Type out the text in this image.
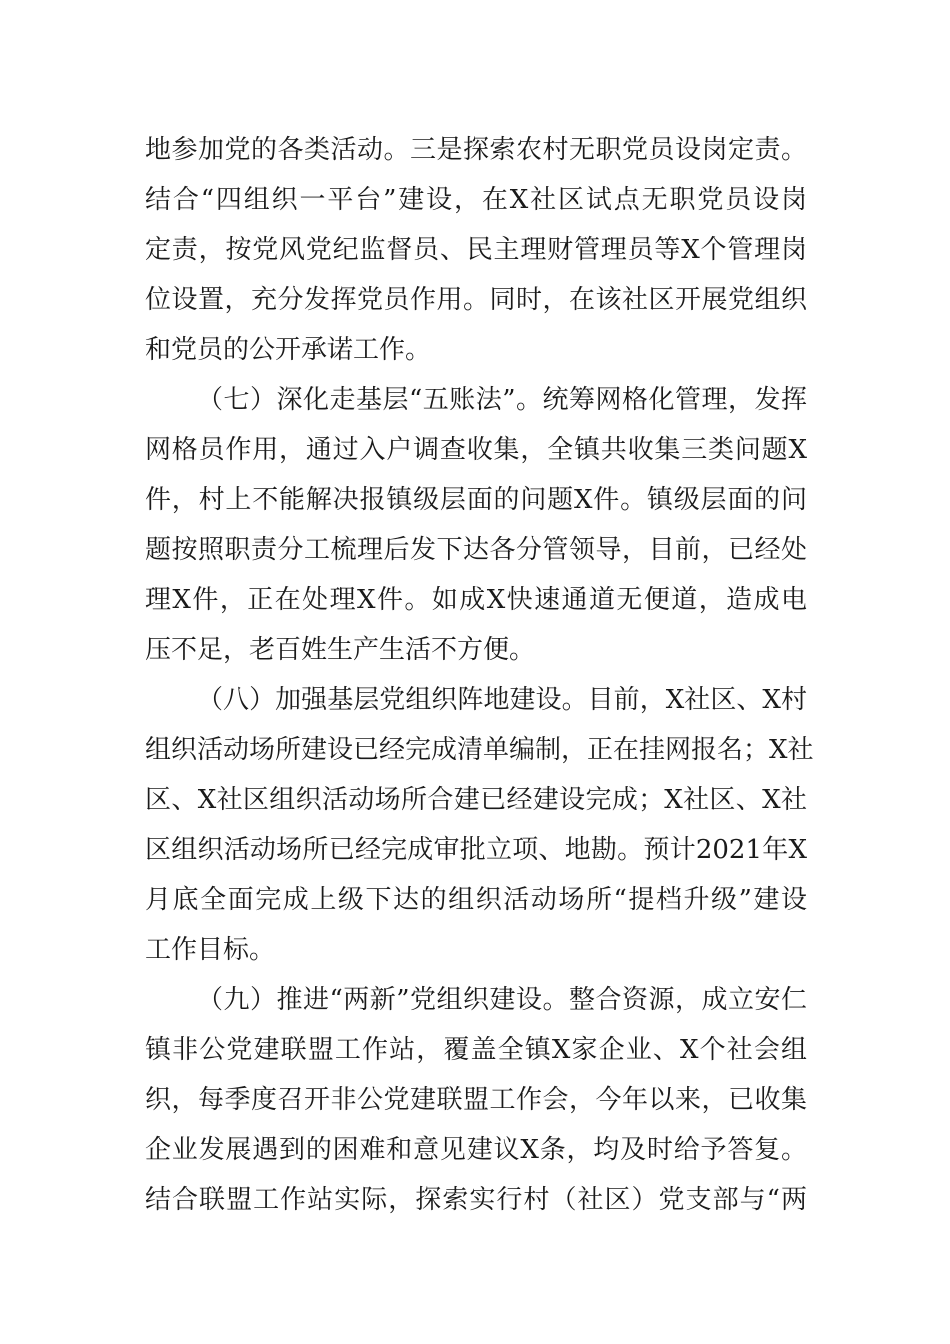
地参加党的各类活动。三是探索农村无职党员设岗定责。
结合“四组织一平台”建设，在X社区试点无职党员设岗
定责，按党风党纪监督员、民主理财管理员等X个管理岗
位设置，充分发挥党员作用。同时，在该社区开展党组织
和党员的公开承诺工作。
（七）深化走基层“五账法”。统筹网格化管理，发挥
网格员作用，通过入户调查收集，全镇共收集三类问题X
件，村上不能解决报镇级层面的问题X件。镇级层面的问
题按照职责分工梳理后发下达各分管领导，目前，已经处
理X件，正在处理X件。如成X快速通道无便道，造成电
压不足，老百姓生产生活不方便。
（八）加强基层党组织阵地建设。目前，X社区、X村
组织活动场所建设已经完成清单编制，正在挂网报名；X社
区、X社区组织活动场所合建已经建设完成；X社区、X社
区组织活动场所已经完成审批立项、地勘。预计2021年X
月底全面完成上级下达的组织活动场所“提档升级”建设
工作目标。
（九）推进“两新”党组织建设。整合资源，成立安仁
镇非公党建联盟工作站，覆盖全镇X家企业、X个社会组
织，每季度召开非公党建联盟工作会，今年以来，已收集
企业发展遇到的困难和意见建议X条，均及时给予答复。
结合联盟工作站实际，探索实行村（社区）党支部与“两
